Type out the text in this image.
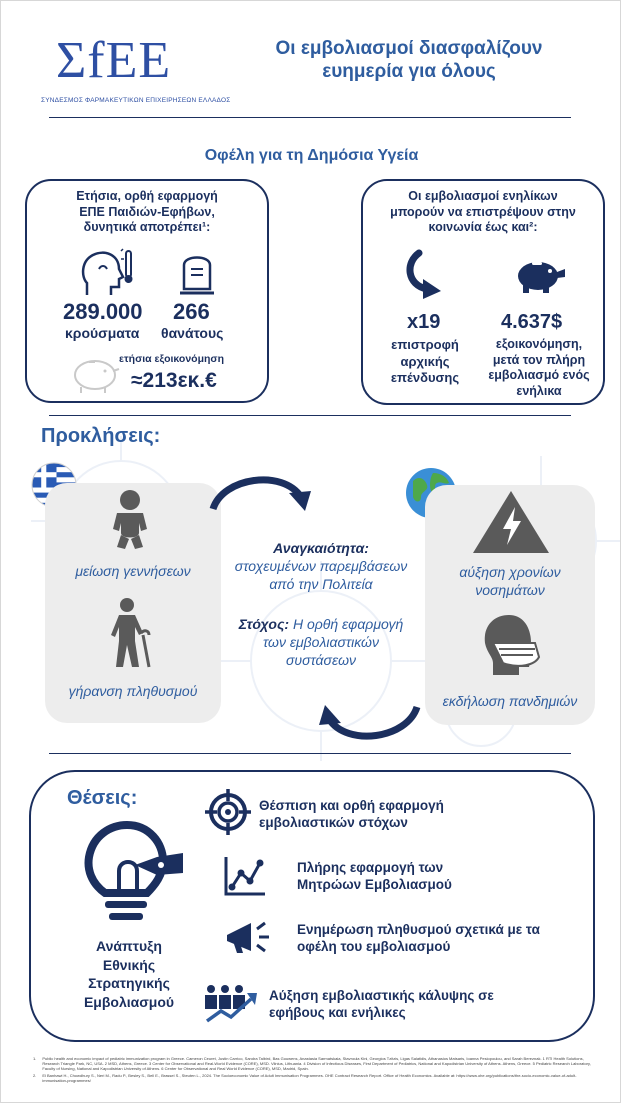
ΣfEE
ΣΥΝΔΕΣΜΟΣ ΦΑΡΜΑΚΕΥΤΙΚΩΝ ΕΠΙΧΕΙΡΗΣΕΩΝ ΕΛΛΑΔΟΣ
Οι εμβολιασμοί διασφαλίζουν
ευημερία για όλους
Οφέλη για τη Δημόσια Υγεία
Ετήσια, ορθή εφαρμογή
ΕΠΕ Παιδιών-Εφήβων,
δυνητικά αποτρέπει¹:
289.000
κρούσματα
266
θανάτους
ετήσια εξοικονόμηση
≈213εκ.€
Οι εμβολιασμοί ενηλίκων
μπορούν να επιστρέψουν στην
κοινωνία έως και²:
x19
επιστροφή
αρχικής
επένδυσης
4.637$
εξοικονόμηση,
μετά τον πλήρη
εμβολιασμό ενός
ενήλικα
Προκλήσεις:
μείωση γεννήσεων
γήρανση πληθυσμού
αύξηση χρονίων
νοσημάτων
εκδήλωση πανδημιών
Αναγκαιότητα:
στοχευμένων παρεμβάσεων
από την Πολιτεία
Στόχος: Η ορθή εφαρμογή
των εμβολιαστικών
συστάσεων
Θέσεις:
Ανάπτυξη
Εθνικής
Στρατηγικής
Εμβολιασμού
Θέσπιση και ορθή εφαρμογή
εμβολιαστικών στόχων
Πλήρης εφαρμογή των
Μητρώων Εμβολιασμού
Ενημέρωση πληθυσμού σχετικά με τα
οφέλη του εμβολιασμού
Αύξηση εμβολιαστικής κάλυψης σε
εφήβους και ενήλικες
1. Public health and economic impact of pediatric immunization program in Greece. Cameron Ceuret, Justin Carrico, Sandra Talbird, Bas Gouwens, Anastasia Sarmatskaia, Stavroula Kini, Georgios Tzitzis, Ligas Salatidis, Athanasios Matsaris, Ioanna Pesiopoulou, and Sarah Bereznak. 1 RTI Health Solutions, Research Triangle Park, NC, USA. 2 MSD, Athens, Greece. 3 Center for Observational and Real-World Evidence (CORE), MSD. Vilnius, Lithuania. 4 Division of Infectious Diseases, First Department of Pediatrics, National and Kapodistrian University of Athens. Athens, Greece. 5 Pediatric Research Laboratory, Faculty of Nursing, National and Kapodistrian University of Athens. 6 Center for Observational and Real World Evidence (CORE), MSD, Madrid, Spain.
2. El Banhawi H., Chowdhury S., Neri M., Radu P., Besley S., Bell E., Brassel S., Steuten L., 2024. The Socioeconomic Value of Adult Immunisation Programmes. OHE Contract Research Report. Office of Health Economics. Available at: https://www.ohe.org/publications/the-socio-economic-value-of-adult-immunisation-programmes/
